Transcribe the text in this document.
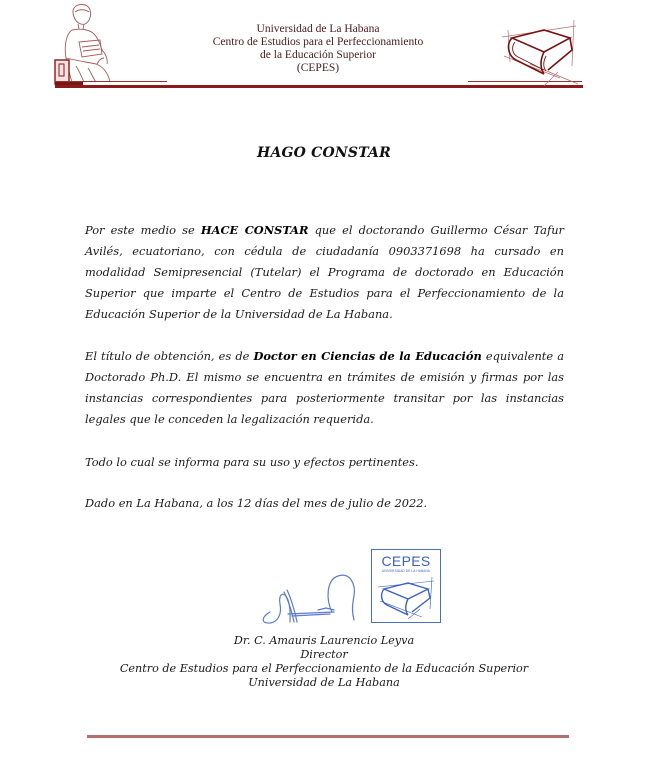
Universidad de La Habana
Centro de Estudios para el Perfeccionamiento
de la Educación Superior
(CEPES)
HAGO CONSTAR
Por este medio se HACE CONSTAR que el doctorando Guillermo César Tafur Avilés, ecuatoriano, con cédula de ciudadanía 0903371698 ha cursado en modalidad Semipresencial (Tutelar) el Programa de doctorado en Educación Superior que imparte el Centro de Estudios para el Perfeccionamiento de la Educación Superior de la Universidad de La Habana.
El título de obtención, es de Doctor en Ciencias de la Educación equivalente a Doctorado Ph.D. El mismo se encuentra en trámites de emisión y firmas por las instancias correspondientes para posteriormente transitar por las instancias legales que le conceden la legalización requerida.
Todo lo cual se informa para su uso y efectos pertinentes.
Dado en La Habana, a los 12 días del mes de julio de 2022.
CEPES
UNIVERSIDAD DE LA HABANA
Dr. C. Amauris Laurencio Leyva
Director
Centro de Estudios para el Perfeccionamiento de la Educación Superior
Universidad de La Habana
